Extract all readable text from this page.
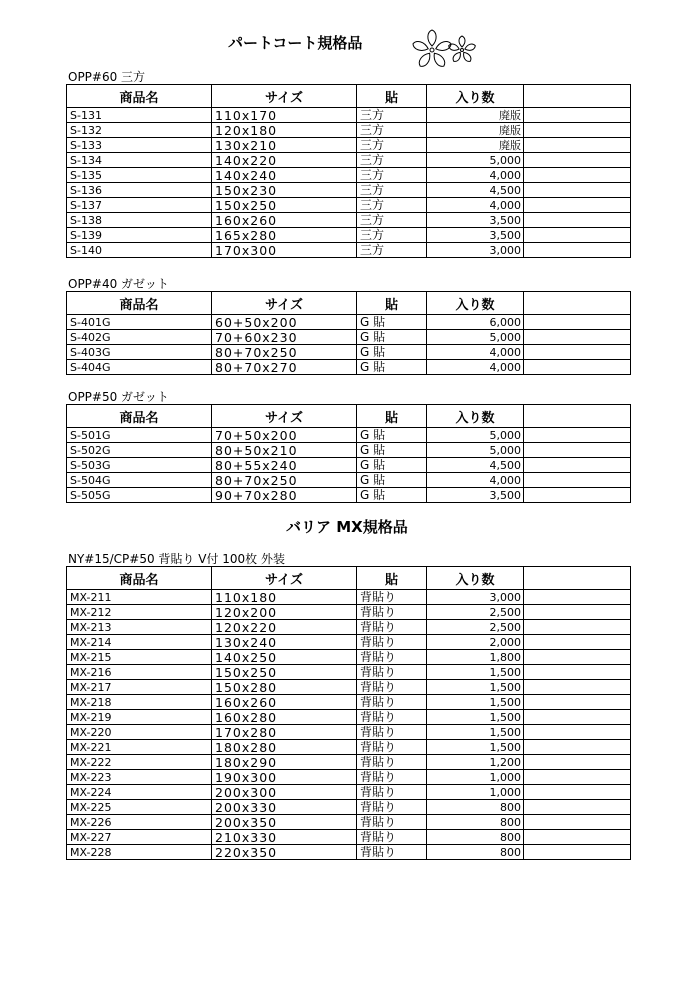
パートコート規格品
OPP#60 三方
商品名	サイズ	貼	入り数	
S-131	110x170	三方	廃版	
S-132	120x180	三方	廃版	
S-133	130x210	三方	廃版	
S-134	140x220	三方	5,000	
S-135	140x240	三方	4,000	
S-136	150x230	三方	4,500	
S-137	150x250	三方	4,000	
S-138	160x260	三方	3,500	
S-139	165x280	三方	3,500	
S-140	170x300	三方	3,000	
OPP#40 ガゼット
商品名	サイズ	貼	入り数	
S-401G	60+50x200	G 貼	6,000	
S-402G	70+60x230	G 貼	5,000	
S-403G	80+70x250	G 貼	4,000	
S-404G	80+70x270	G 貼	4,000	
OPP#50 ガゼット
商品名	サイズ	貼	入り数	
S-501G	70+50x200	G 貼	5,000	
S-502G	80+50x210	G 貼	5,000	
S-503G	80+55x240	G 貼	4,500	
S-504G	80+70x250	G 貼	4,000	
S-505G	90+70x280	G 貼	3,500	
バリア MX規格品
NY#15/CP#50 背貼り V付 100枚 外装
商品名	サイズ	貼	入り数	
MX-211	110x180	背貼り	3,000	
MX-212	120x200	背貼り	2,500	
MX-213	120x220	背貼り	2,500	
MX-214	130x240	背貼り	2,000	
MX-215	140x250	背貼り	1,800	
MX-216	150x250	背貼り	1,500	
MX-217	150x280	背貼り	1,500	
MX-218	160x260	背貼り	1,500	
MX-219	160x280	背貼り	1,500	
MX-220	170x280	背貼り	1,500	
MX-221	180x280	背貼り	1,500	
MX-222	180x290	背貼り	1,200	
MX-223	190x300	背貼り	1,000	
MX-224	200x300	背貼り	1,000	
MX-225	200x330	背貼り	800	
MX-226	200x350	背貼り	800	
MX-227	210x330	背貼り	800	
MX-228	220x350	背貼り	800	
